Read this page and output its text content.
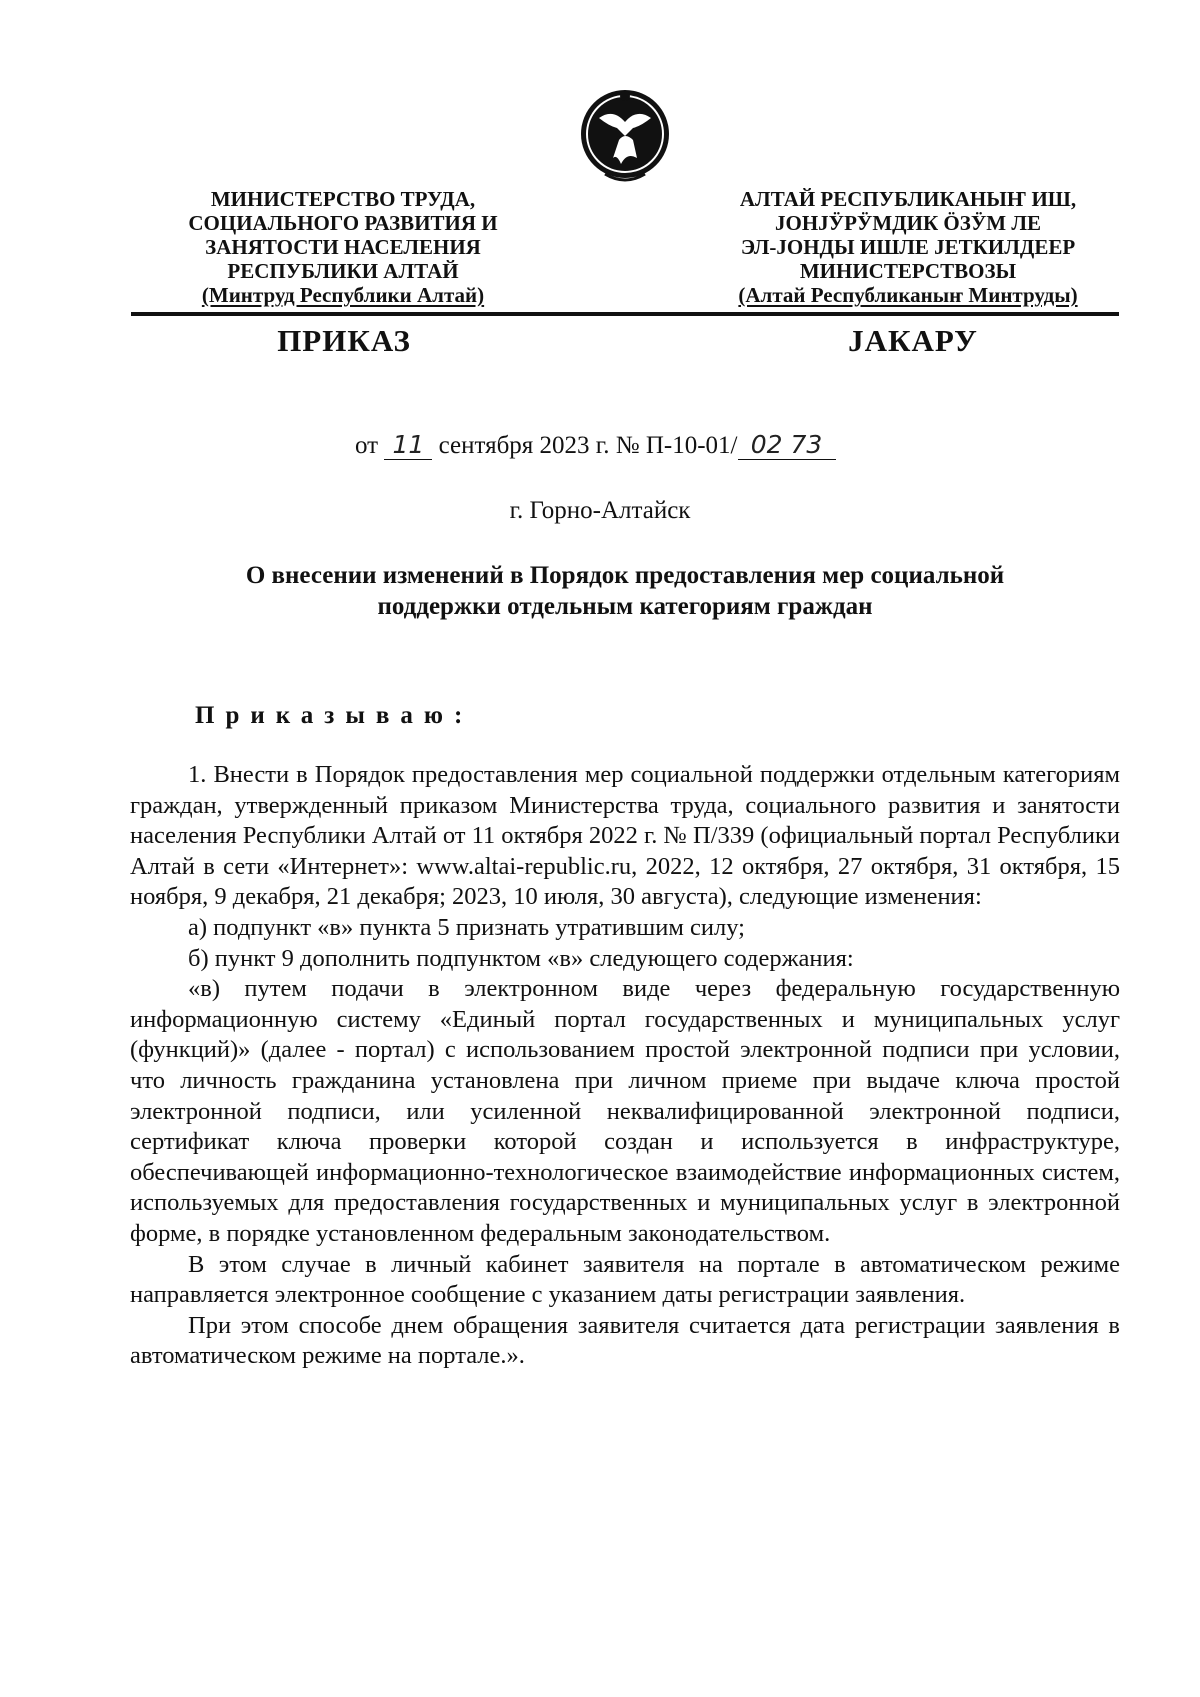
МИНИСТЕРСТВО ТРУДА,
СОЦИАЛЬНОГО РАЗВИТИЯ И
ЗАНЯТОСТИ НАСЕЛЕНИЯ
РЕСПУБЛИКИ АЛТАЙ
(Минтруд Республики Алтай)
АЛТАЙ РЕСПУБЛИКАНЫҤ ИШ,
JОНJӰРӰМДИК ӦЗӰМ ЛЕ
ЭЛ-JОНДЫ ИШЛЕ JЕТКИЛДЕЕР
МИНИСТЕРСТВОЗЫ
(Алтай Республиканыҥ Минтруды)
ПРИКАЗ	JАКАРУ
от 11 сентября 2023 г. № П-10-01/ 02 73
г. Горно-Алтайск
О внесении изменений в Порядок предоставления мер социальной
поддержки отдельным категориям граждан
Приказываю:

1. Внести в Порядок предоставления мер социальной поддержки отдельным категориям граждан, утвержденный приказом Министерства труда, социального развития и занятости населения Республики Алтай от 11 октября 2022 г. № П/339 (официальный портал Республики Алтай в сети «Интернет»: www.altai-republic.ru, 2022, 12 октября, 27 октября, 31 октября, 15 ноября, 9 декабря, 21 декабря; 2023, 10 июля, 30 августа), следующие изменения:

а) подпункт «в» пункта 5 признать утратившим силу;

б) пункт 9 дополнить подпунктом «в» следующего содержания:

«в) путем подачи в электронном виде через федеральную государственную информационную систему «Единый портал государственных и муниципальных услуг (функций)» (далее - портал) с использованием простой электронной подписи при условии, что личность гражданина установлена при личном приеме при выдаче ключа простой электронной подписи, или усиленной неквалифицированной электронной подписи, сертификат ключа проверки которой создан и используется в инфраструктуре, обеспечивающей информационно-технологическое взаимодействие информационных систем, используемых для предоставления государственных и муниципальных услуг в электронной форме, в порядке установленном федеральным законодательством.

В этом случае в личный кабинет заявителя на портале в автоматическом режиме направляется электронное сообщение с указанием даты регистрации заявления.

При этом способе днем обращения заявителя считается дата регистрации заявления в автоматическом режиме на портале.».
